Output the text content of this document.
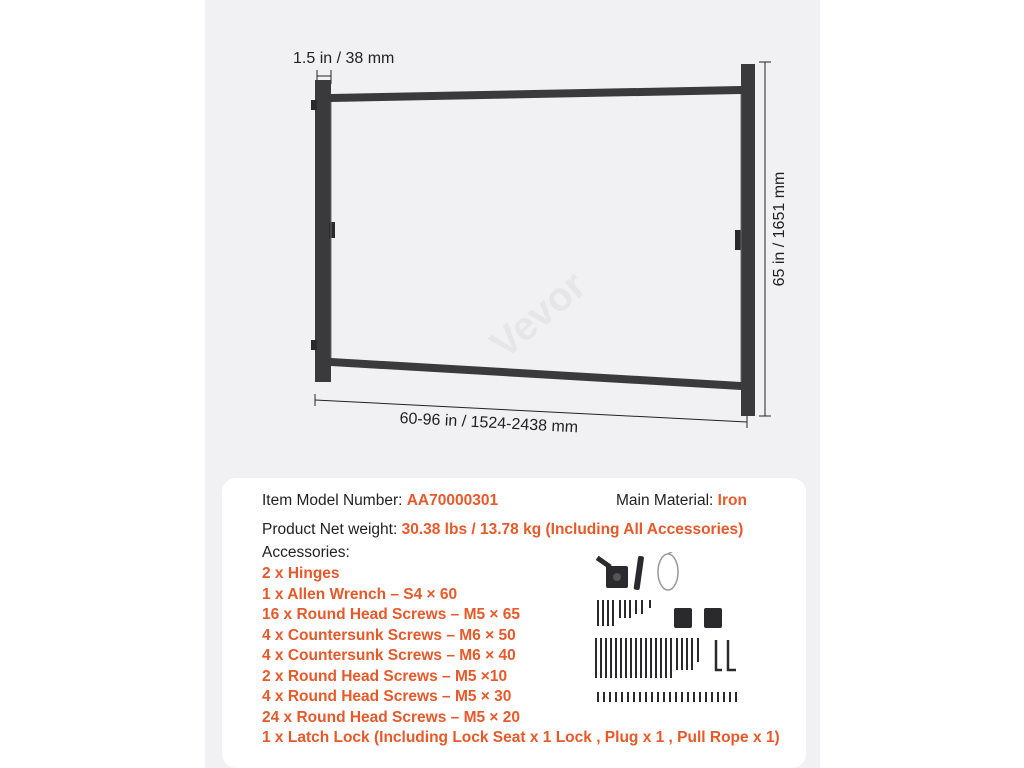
Vevor
1.5 in / 38 mm
60-96 in / 1524-2438 mm
65 in / 1651 mm
Item Model Number: AA70000301	Main Material: Iron
Product Net weight: 30.38 lbs / 13.78 kg (Including All Accessories)
Accessories:
2 x Hinges
1 x Allen Wrench – S4 × 60
16 x Round Head Screws – M5 × 65
4 x Countersunk Screws – M6 × 50
4 x Countersunk Screws – M6 × 40
2 x Round Head Screws – M5 ×10
4 x Round Head Screws – M5 × 30
24 x Round Head Screws – M5 × 20
1 x Latch Lock (Including Lock Seat x 1 Lock , Plug x 1 , Pull Rope x 1)
